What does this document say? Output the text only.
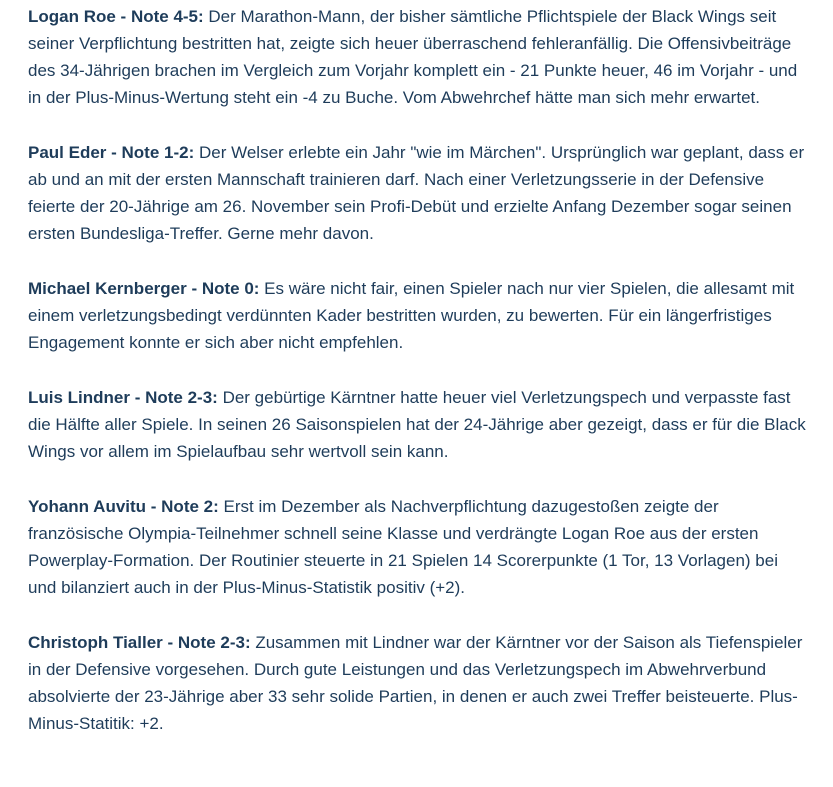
Logan Roe - Note 4-5: Der Marathon-Mann, der bisher sämtliche Pflichtspiele der Black Wings seit seiner Verpflichtung bestritten hat, zeigte sich heuer überraschend fehleranfällig. Die Offensivbeiträge des 34-Jährigen brachen im Vergleich zum Vorjahr komplett ein - 21 Punkte heuer, 46 im Vorjahr - und in der Plus-Minus-Wertung steht ein -4 zu Buche. Vom Abwehrchef hätte man sich mehr erwartet.

Paul Eder - Note 1-2: Der Welser erlebte ein Jahr "wie im Märchen". Ursprünglich war geplant, dass er ab und an mit der ersten Mannschaft trainieren darf. Nach einer Verletzungsserie in der Defensive feierte der 20-Jährige am 26. November sein Profi-Debüt und erzielte Anfang Dezember sogar seinen ersten Bundesliga-Treffer. Gerne mehr davon.

Michael Kernberger - Note 0: Es wäre nicht fair, einen Spieler nach nur vier Spielen, die allesamt mit einem verletzungsbedingt verdünnten Kader bestritten wurden, zu bewerten. Für ein längerfristiges Engagement konnte er sich aber nicht empfehlen.

Luis Lindner - Note 2-3: Der gebürtige Kärntner hatte heuer viel Verletzungspech und verpasste fast die Hälfte aller Spiele. In seinen 26 Saisonspielen hat der 24-Jährige aber gezeigt, dass er für die Black Wings vor allem im Spielaufbau sehr wertvoll sein kann.

Yohann Auvitu - Note 2: Erst im Dezember als Nachverpflichtung dazugestoßen zeigte der französische Olympia-Teilnehmer schnell seine Klasse und verdrängte Logan Roe aus der ersten Powerplay-Formation. Der Routinier steuerte in 21 Spielen 14 Scorerpunkte (1 Tor, 13 Vorlagen) bei und bilanziert auch in der Plus-Minus-Statistik positiv (+2).

Christoph Tialler - Note 2-3: Zusammen mit Lindner war der Kärntner vor der Saison als Tiefenspieler in der Defensive vorgesehen. Durch gute Leistungen und das Verletzungspech im Abwehrverbund absolvierte der 23-Jährige aber 33 sehr solide Partien, in denen er auch zwei Treffer beisteuerte. Plus-Minus-Statitik: +2.
